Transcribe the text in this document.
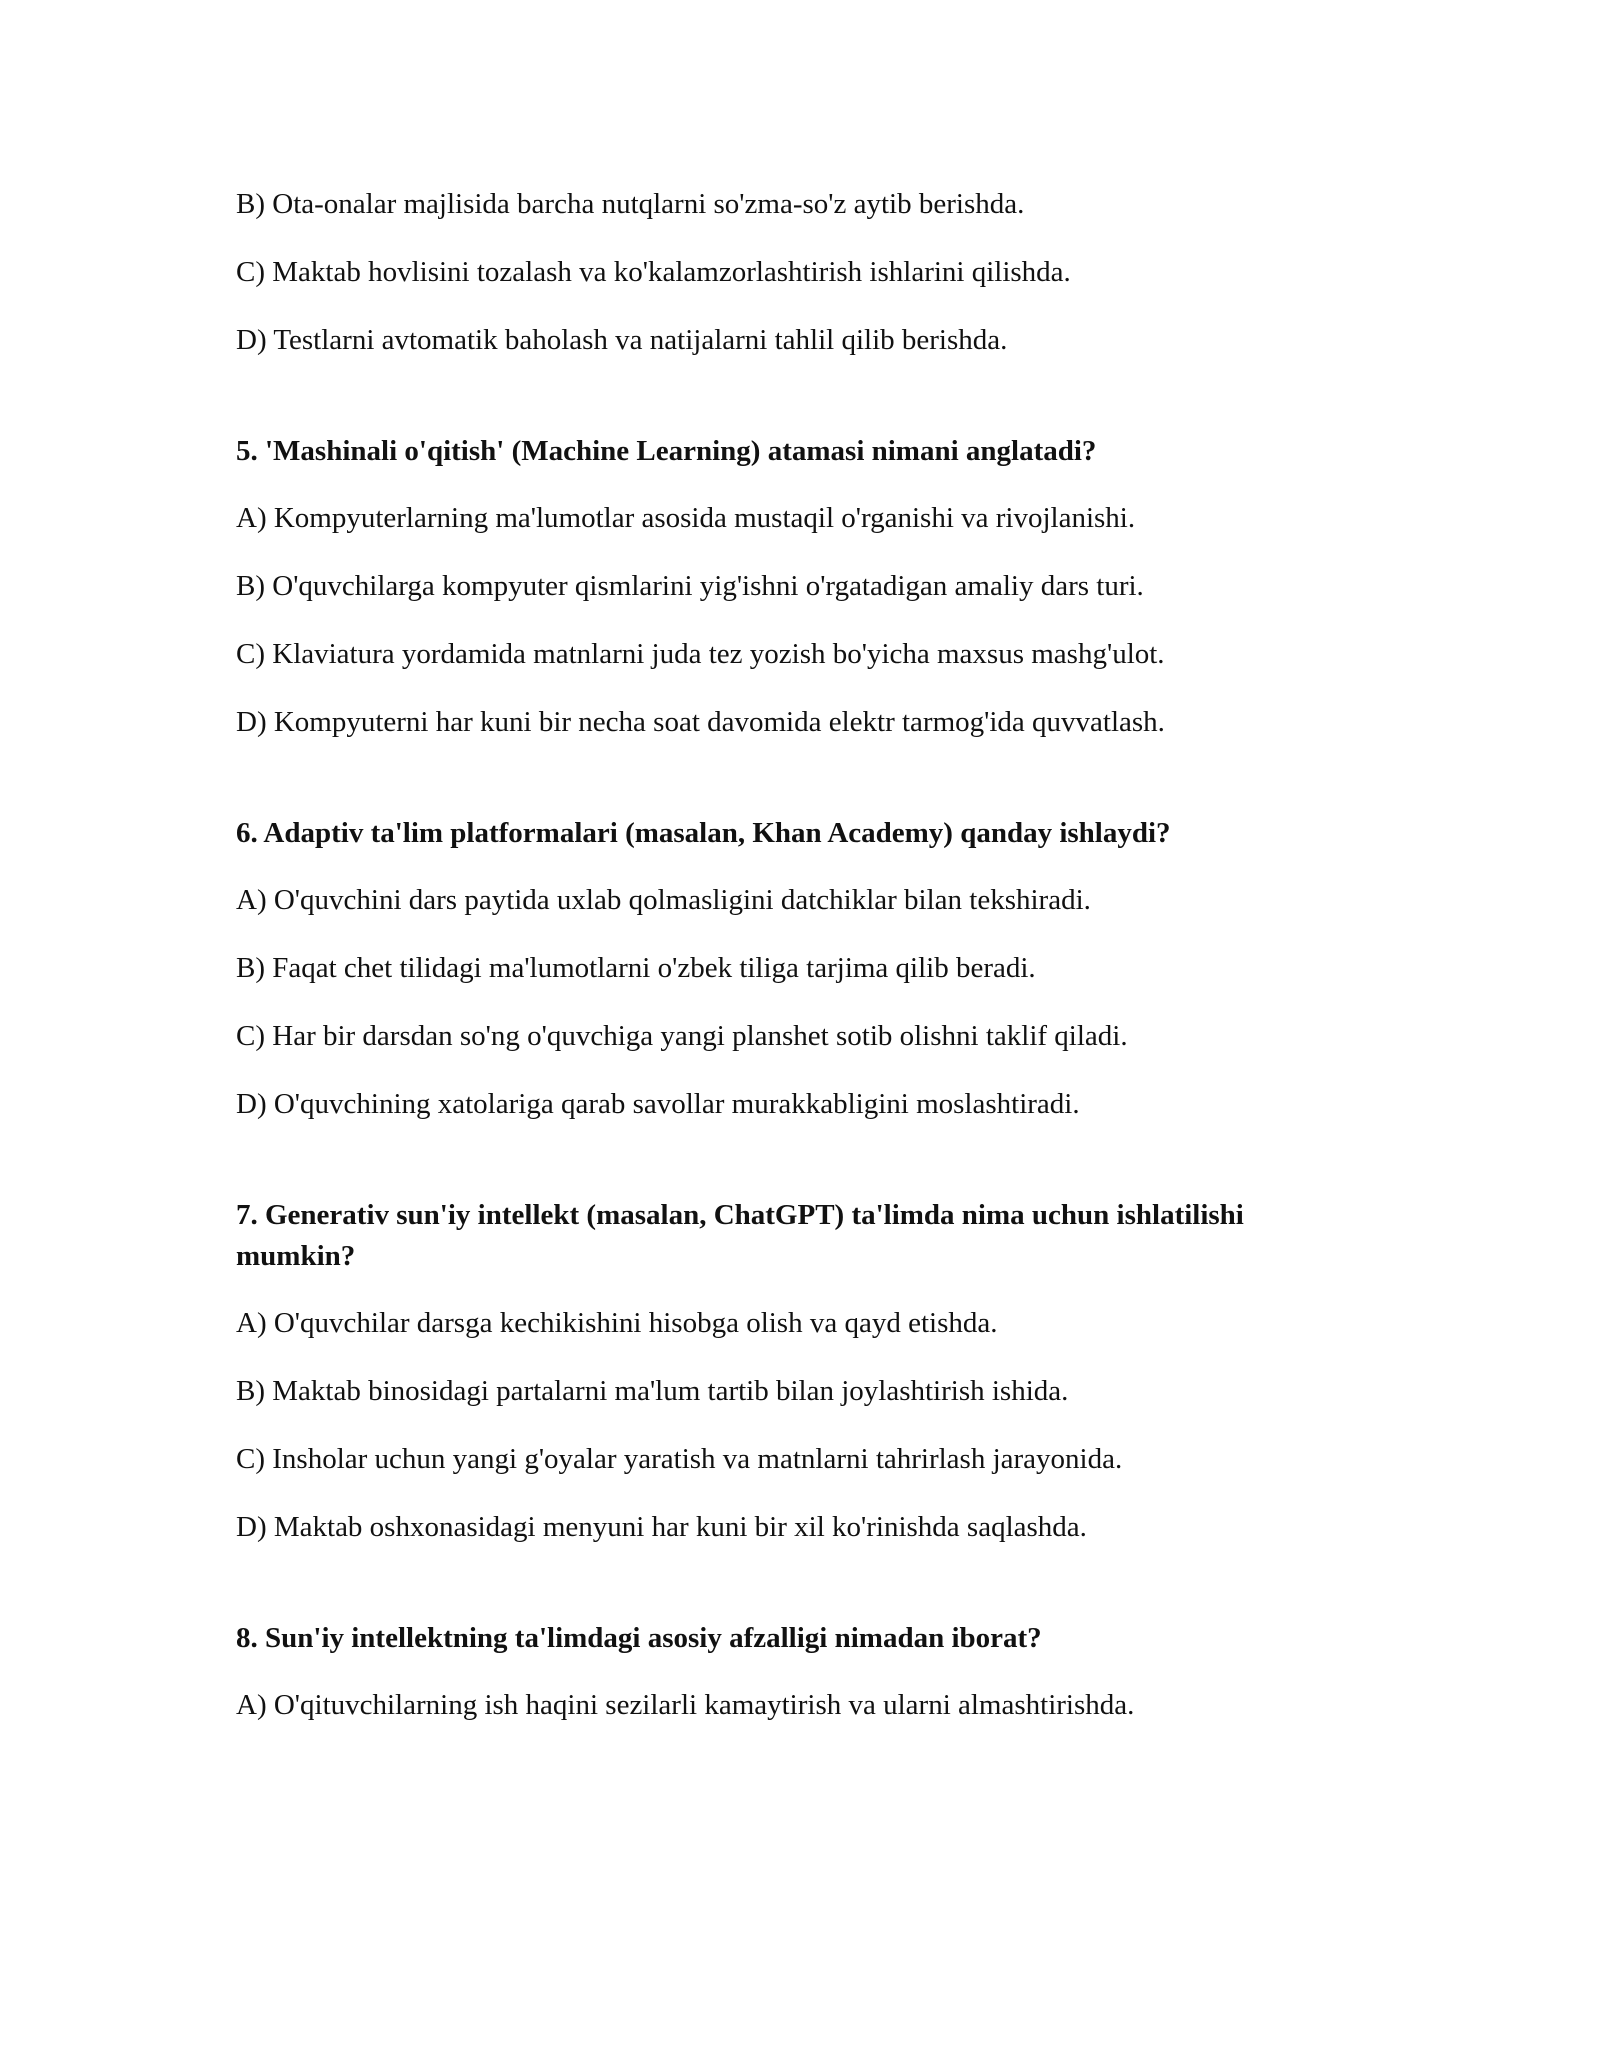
B) Ota-onalar majlisida barcha nutqlarni so'zma-so'z aytib berishda.

C) Maktab hovlisini tozalash va ko'kalamzorlashtirish ishlarini qilishda.

D) Testlarni avtomatik baholash va natijalarni tahlil qilib berishda.

5. 'Mashinali o'qitish' (Machine Learning) atamasi nimani anglatadi?

A) Kompyuterlarning ma'lumotlar asosida mustaqil o'rganishi va rivojlanishi.

B) O'quvchilarga kompyuter qismlarini yig'ishni o'rgatadigan amaliy dars turi.

C) Klaviatura yordamida matnlarni juda tez yozish bo'yicha maxsus mashg'ulot.

D) Kompyuterni har kuni bir necha soat davomida elektr tarmog'ida quvvatlash.

6. Adaptiv ta'lim platformalari (masalan, Khan Academy) qanday ishlaydi?

A) O'quvchini dars paytida uxlab qolmasligini datchiklar bilan tekshiradi.

B) Faqat chet tilidagi ma'lumotlarni o'zbek tiliga tarjima qilib beradi.

C) Har bir darsdan so'ng o'quvchiga yangi planshet sotib olishni taklif qiladi.

D) O'quvchining xatolariga qarab savollar murakkabligini moslashtiradi.

7. Generativ sun'iy intellekt (masalan, ChatGPT) ta'limda nima uchun ishlatilishi mumkin?

A) O'quvchilar darsga kechikishini hisobga olish va qayd etishda.

B) Maktab binosidagi partalarni ma'lum tartib bilan joylashtirish ishida.

C) Insholar uchun yangi g'oyalar yaratish va matnlarni tahrirlash jarayonida.

D) Maktab oshxonasidagi menyuni har kuni bir xil ko'rinishda saqlashda.

8. Sun'iy intellektning ta'limdagi asosiy afzalligi nimadan iborat?

A) O'qituvchilarning ish haqini sezilarli kamaytirish va ularni almashtirishda.
